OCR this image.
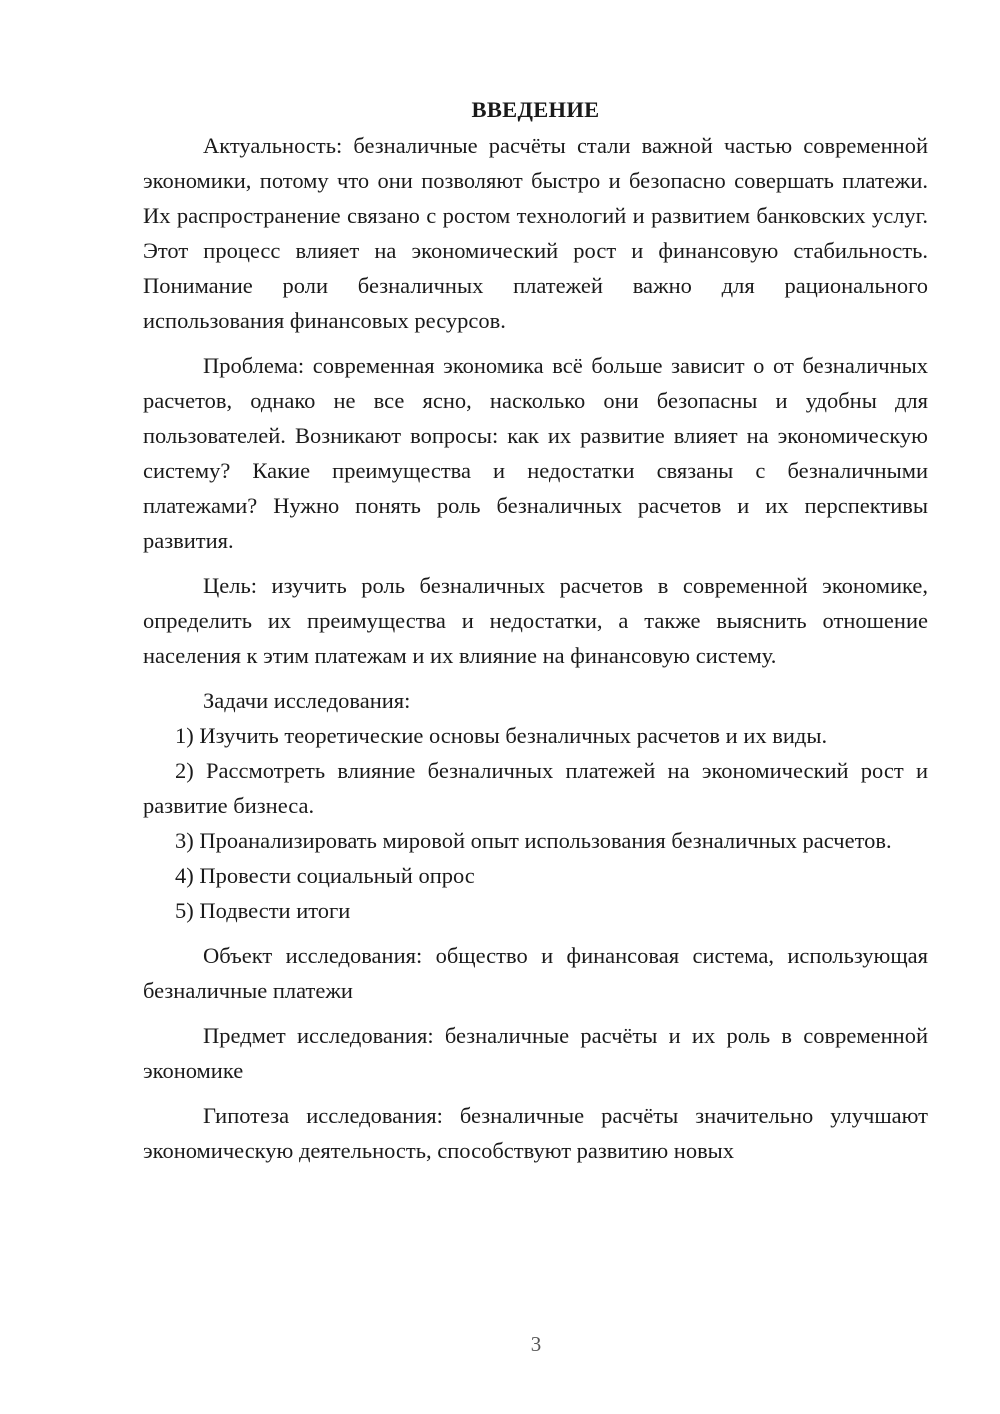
ВВЕДЕНИЕ

Актуальность: безналичные расчёты стали важной частью современной экономики, потому что они позволяют быстро и безопасно совершать платежи. Их распространение связано с ростом технологий и развитием банковских услуг. Этот процесс влияет на экономический рост и финансовую стабильность. Понимание роли безналичных платежей важно для рационального использования финансовых ресурсов.

Проблема: современная экономика всё больше зависит о от безналичных расчетов, однако не все ясно, насколько они безопасны и удобны для пользователей. Возникают вопросы: как их развитие влияет на экономическую систему? Какие преимущества и недостатки связаны с безналичными платежами? Нужно понять роль безналичных расчетов и их перспективы развития.

Цель: изучить роль безналичных расчетов в современной экономике, определить их преимущества и недостатки, а также выяснить отношение населения к этим платежам и их влияние на финансовую систему.

Задачи исследования:

1) Изучить теоретические основы безналичных расчетов и их виды.

2) Рассмотреть влияние безналичных платежей на экономический рост и развитие бизнеса.

3) Проанализировать мировой опыт использования безналичных расчетов.

4) Провести социальный опрос

5) Подвести итоги

Объект исследования: общество и финансовая система, использующая безналичные платежи

Предмет исследования: безналичные расчёты и их роль в современной экономике

Гипотеза исследования: безналичные расчёты значительно улучшают экономическую деятельность, способствуют развитию новых

3
